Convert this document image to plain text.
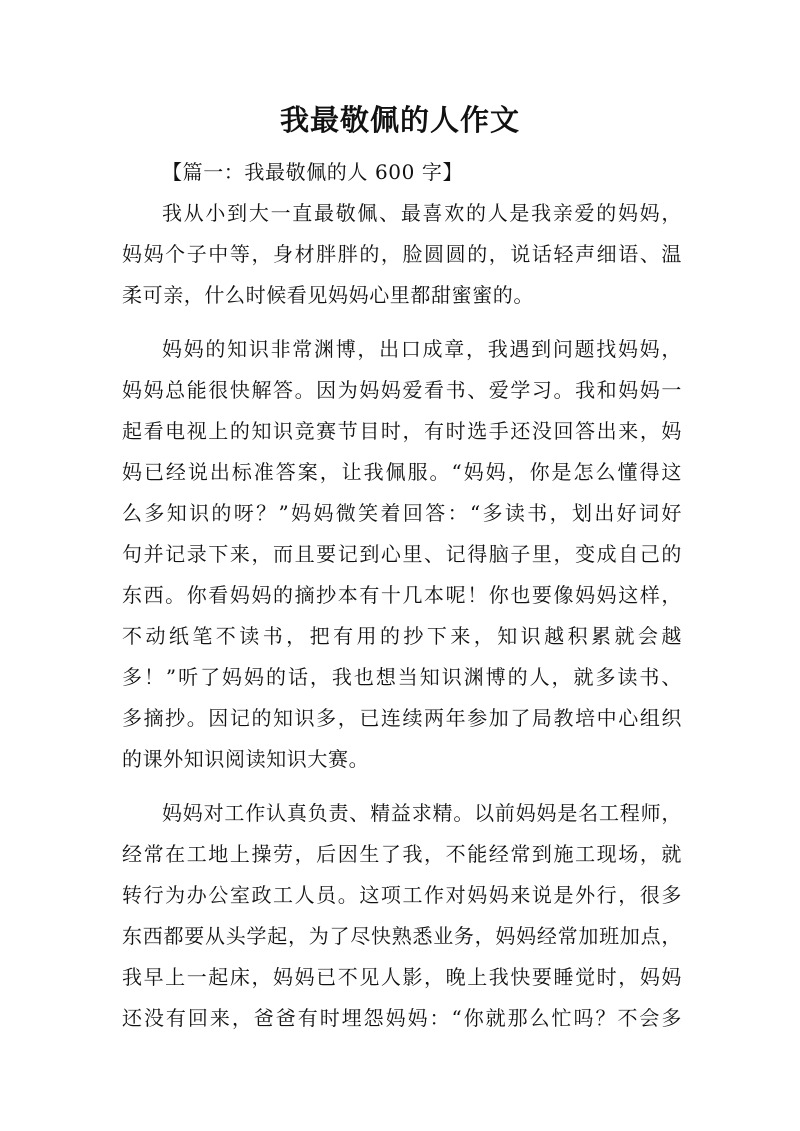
我最敬佩的人作文
【篇一：我最敬佩的人 600 字】
我从小到大一直最敬佩、最喜欢的人是我亲爱的妈妈，
妈妈个子中等，身材胖胖的，脸圆圆的，说话轻声细语、温
柔可亲，什么时候看见妈妈心里都甜蜜蜜的。
妈妈的知识非常渊博，出口成章，我遇到问题找妈妈，
妈妈总能很快解答。因为妈妈爱看书、爱学习。我和妈妈一
起看电视上的知识竞赛节目时，有时选手还没回答出来，妈
妈已经说出标准答案，让我佩服。“妈妈，你是怎么懂得这
么多知识的呀？”妈妈微笑着回答：“多读书，划出好词好
句并记录下来，而且要记到心里、记得脑子里，变成自己的
东西。你看妈妈的摘抄本有十几本呢！你也要像妈妈这样，
不动纸笔不读书，把有用的抄下来，知识越积累就会越
多！”听了妈妈的话，我也想当知识渊博的人，就多读书、
多摘抄。因记的知识多，已连续两年参加了局教培中心组织
的课外知识阅读知识大赛。
妈妈对工作认真负责、精益求精。以前妈妈是名工程师，
经常在工地上操劳，后因生了我，不能经常到施工现场，就
转行为办公室政工人员。这项工作对妈妈来说是外行，很多
东西都要从头学起，为了尽快熟悉业务，妈妈经常加班加点，
我早上一起床，妈妈已不见人影，晚上我快要睡觉时，妈妈
还没有回来，爸爸有时埋怨妈妈：“你就那么忙吗？不会多
